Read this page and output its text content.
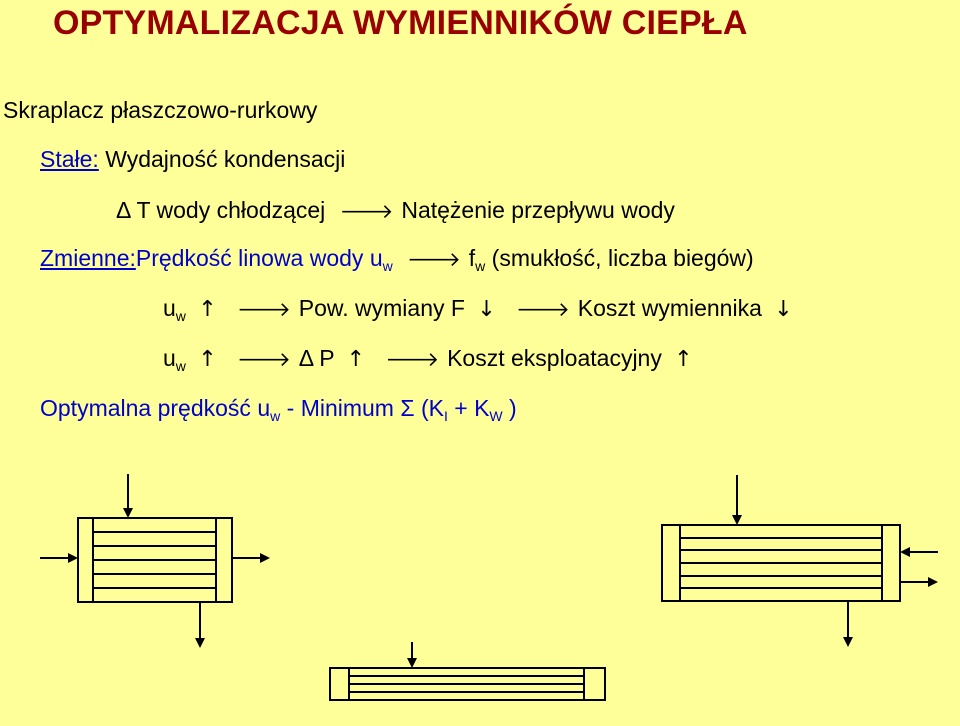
OPTYMALIZACJA WYMIENNIKÓW CIEPŁA
Skraplacz płaszczowo-rurkowy
Stałe: Wydajność kondensacji
Δ T wody chłodzącej 🡒 Natężenie przepływu wody
Zmienne:Prędkość linowa wody $u_w$ 🡒 $f_w$ (smukłość, liczba biegów)
$u_w$ ↑ 🡒 Pow. wymiany F ↓ 🡒 Koszt wymiennika ↓
$u_w$ ↑ 🡒 Δ P ↑ 🡒 Koszt eksploatacyjny ↑
Optymalna prędkość $u_w$ - Minimum Σ ($K_I + K_W$ )
